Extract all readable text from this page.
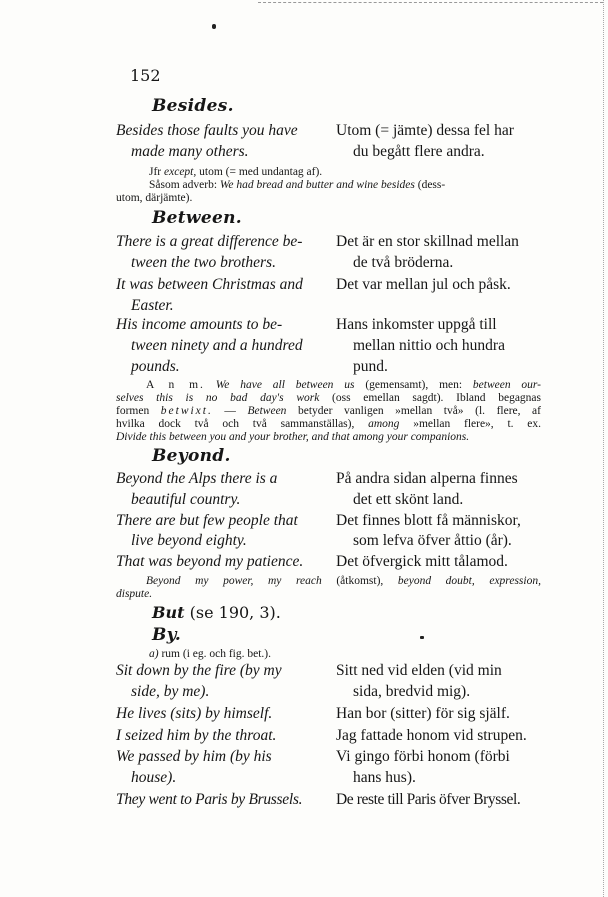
152
Besides.
Besides those faults you have
made many others.
Utom (= jämte) dessa fel har
du begått flere andra.
Jfr except, utom (= med undantag af).
Såsom adverb: We had bread and butter and wine besides (dess-
utom, därjämte).
Between.
There is a great difference be-
tween the two brothers.
Det är en stor skillnad mellan
de två bröderna.
It was between Christmas and
Easter.
Det var mellan jul och påsk.
His income amounts to be-
tween ninety and a hundred
pounds.
Hans inkomster uppgå till
mellan nittio och hundra
pund.
A n m. We have all between us (gemensamt), men: between our-
selves this is no bad day's work (oss emellan sagdt). Ibland begagnas
formen betwixt. — Between betyder vanligen »mellan två» (l. flere, af
hvilka dock två och två sammanställas), among »mellan flere», t. ex.
Divide this between you and your brother, and that among your companions.
Beyond.
Beyond the Alps there is a
beautiful country.
På andra sidan alperna finnes
det ett skönt land.
There are but few people that
live beyond eighty.
Det finnes blott få människor,
som lefva öfver åttio (år).
That was beyond my patience. Det öfvergick mitt tålamod.
Beyond my power, my reach (åtkomst), beyond doubt, expression,
dispute.
But (se 190, 3).
By.
a) rum (i eg. och fig. bet.).
Sit down by the fire (by my
side, by me).
Sitt ned vid elden (vid min
sida, bredvid mig).
He lives (sits) by himself.	Han bor (sitter) för sig själf.
I seized him by the throat.	Jag fattade honom vid strupen.
We passed by him (by his
house).
Vi gingo förbi honom (förbi
hans hus).
They went to Paris by Brussels. De reste till Paris öfver Bryssel.
